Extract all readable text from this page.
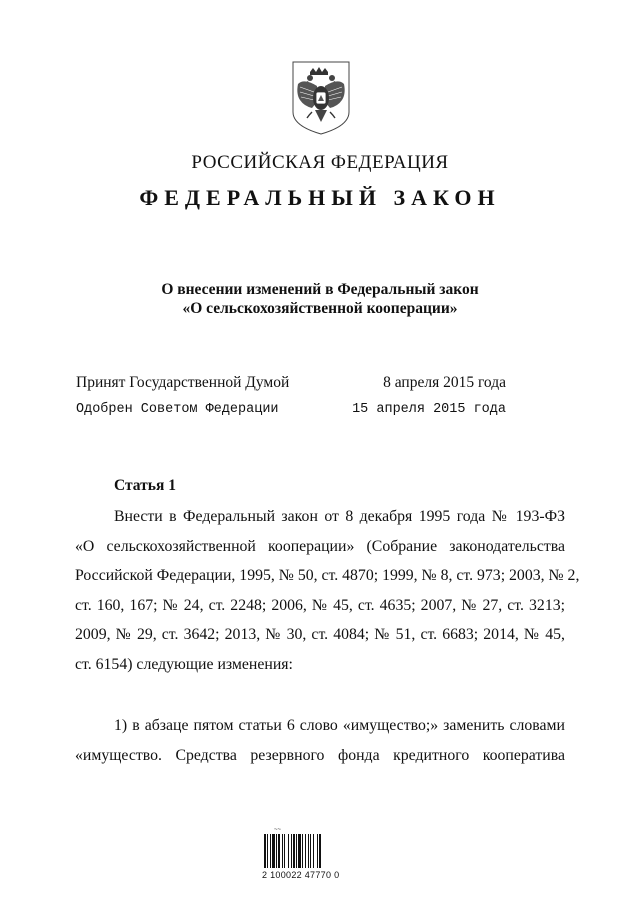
РОССИЙСКАЯ ФЕДЕРАЦИЯ
ФЕДЕРАЛЬНЫЙ ЗАКОН
О внесении изменений в Федеральный закон
«О сельскохозяйственной кооперации»
Принят Государственной Думой	8 апреля 2015 года
Одобрен Советом Федерации	15 апреля 2015 года
Статья 1
Внести в Федеральный закон от 8 декабря 1995 года № 193-ФЗ
«О сельскохозяйственной кооперации» (Собрание законодательства
Российской Федерации, 1995, № 50, ст. 4870; 1999, № 8, ст. 973; 2003, № 2,
ст. 160, 167; № 24, ст. 2248; 2006, № 45, ст. 4635; 2007, № 27, ст. 3213;
2009, № 29, ст. 3642; 2013, № 30, ст. 4084; № 51, ст. 6683; 2014, № 45,
ст. 6154) следующие изменения:
1) в абзаце пятом статьи 6 слово «имущество;» заменить словами
«имущество. Средства резервного фонда кредитного кооператива
~~
2 100022 47770 0
